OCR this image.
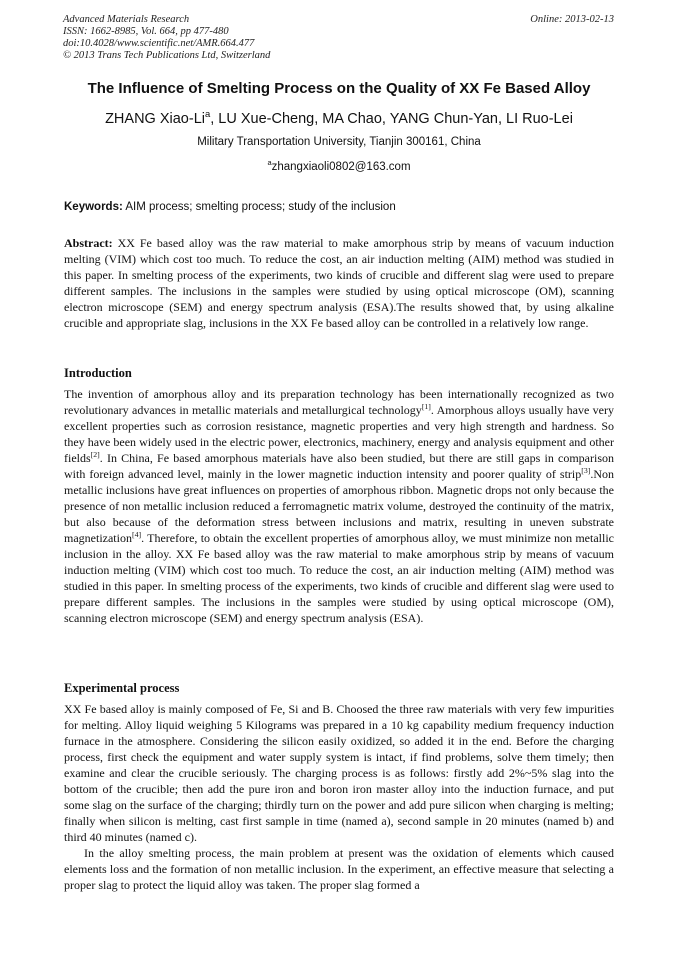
Advanced Materials Research
ISSN: 1662-8985, Vol. 664, pp 477-480
doi:10.4028/www.scientific.net/AMR.664.477
© 2013 Trans Tech Publications Ltd, Switzerland
Online: 2013-02-13
The Influence of Smelting Process on the Quality of XX Fe Based Alloy
ZHANG Xiao-Li$^a$, LU Xue-Cheng, MA Chao, YANG Chun-Yan, LI Ruo-Lei
Military Transportation University, Tianjin 300161, China
$^a$zhangxiaoli0802@163.com
Keywords: AIM process; smelting process; study of the inclusion
Abstract: XX Fe based alloy was the raw material to make amorphous strip by means of vacuum induction melting (VIM) which cost too much. To reduce the cost, an air induction melting (AIM) method was studied in this paper. In smelting process of the experiments, two kinds of crucible and different slag were used to prepare different samples. The inclusions in the samples were studied by using optical microscope (OM), scanning electron microscope (SEM) and energy spectrum analysis (ESA).The results showed that, by using alkaline crucible and appropriate slag, inclusions in the XX Fe based alloy can be controlled in a relatively low range.
Introduction
The invention of amorphous alloy and its preparation technology has been internationally recognized as two revolutionary advances in metallic materials and metallurgical technology[1]. Amorphous alloys usually have very excellent properties such as corrosion resistance, magnetic properties and very high strength and hardness. So they have been widely used in the electric power, electronics, machinery, energy and analysis equipment and other fields[2]. In China, Fe based amorphous materials have also been studied, but there are still gaps in comparison with foreign advanced level, mainly in the lower magnetic induction intensity and poorer quality of strip[3].Non metallic inclusions have great influences on properties of amorphous ribbon. Magnetic drops not only because the presence of non metallic inclusion reduced a ferromagnetic matrix volume, destroyed the continuity of the matrix, but also because of the deformation stress between inclusions and matrix, resulting in uneven substrate magnetization[4]. Therefore, to obtain the excellent properties of amorphous alloy, we must minimize non metallic inclusion in the alloy. XX Fe based alloy was the raw material to make amorphous strip by means of vacuum induction melting (VIM) which cost too much. To reduce the cost, an air induction melting (AIM) method was studied in this paper. In smelting process of the experiments, two kinds of crucible and different slag were used to prepare different samples. The inclusions in the samples were studied by using optical microscope (OM), scanning electron microscope (SEM) and energy spectrum analysis (ESA).
Experimental process

XX Fe based alloy is mainly composed of Fe, Si and B. Choosed the three raw materials with very few impurities for melting. Alloy liquid weighing 5 Kilograms was prepared in a 10 kg capability medium frequency induction furnace in the atmosphere. Considering the silicon easily oxidized, so added it in the end. Before the charging process, first check the equipment and water supply system is intact, if find problems, solve them timely; then examine and clear the crucible seriously. The charging process is as follows: firstly add 2%~5% slag into the bottom of the crucible; then add the pure iron and boron iron master alloy into the induction furnace, and put some slag on the surface of the charging; thirdly turn on the power and add pure silicon when charging is melting; finally when silicon is melting, cast first sample in time (named a), second sample in 20 minutes (named b) and third 40 minutes (named c).

In the alloy smelting process, the main problem at present was the oxidation of elements which caused elements loss and the formation of non metallic inclusion. In the experiment, an effective measure that selecting a proper slag to protect the liquid alloy was taken. The proper slag formed a
